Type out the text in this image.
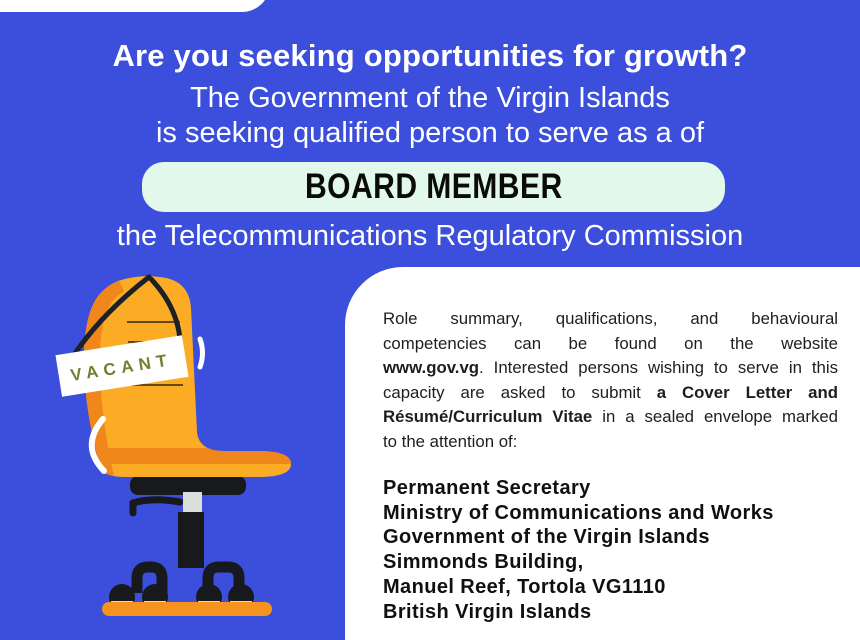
Are you seeking opportunities for growth?
The Government of the Virgin Islands
is seeking qualified person to serve as a of
BOARD MEMBER
the Telecommunications Regulatory Commission
VACANT
Role summary, qualifications, and behavioural
competencies can be found on the website
www.gov.vg. Interested persons wishing to serve in this
capacity are asked to submit a Cover Letter and
Résumé/Curriculum Vitae in a sealed envelope marked
to the attention of:
Permanent Secretary
Ministry of Communications and Works
Government of the Virgin Islands
Simmonds Building,
Manuel Reef, Tortola VG1110
British Virgin Islands
